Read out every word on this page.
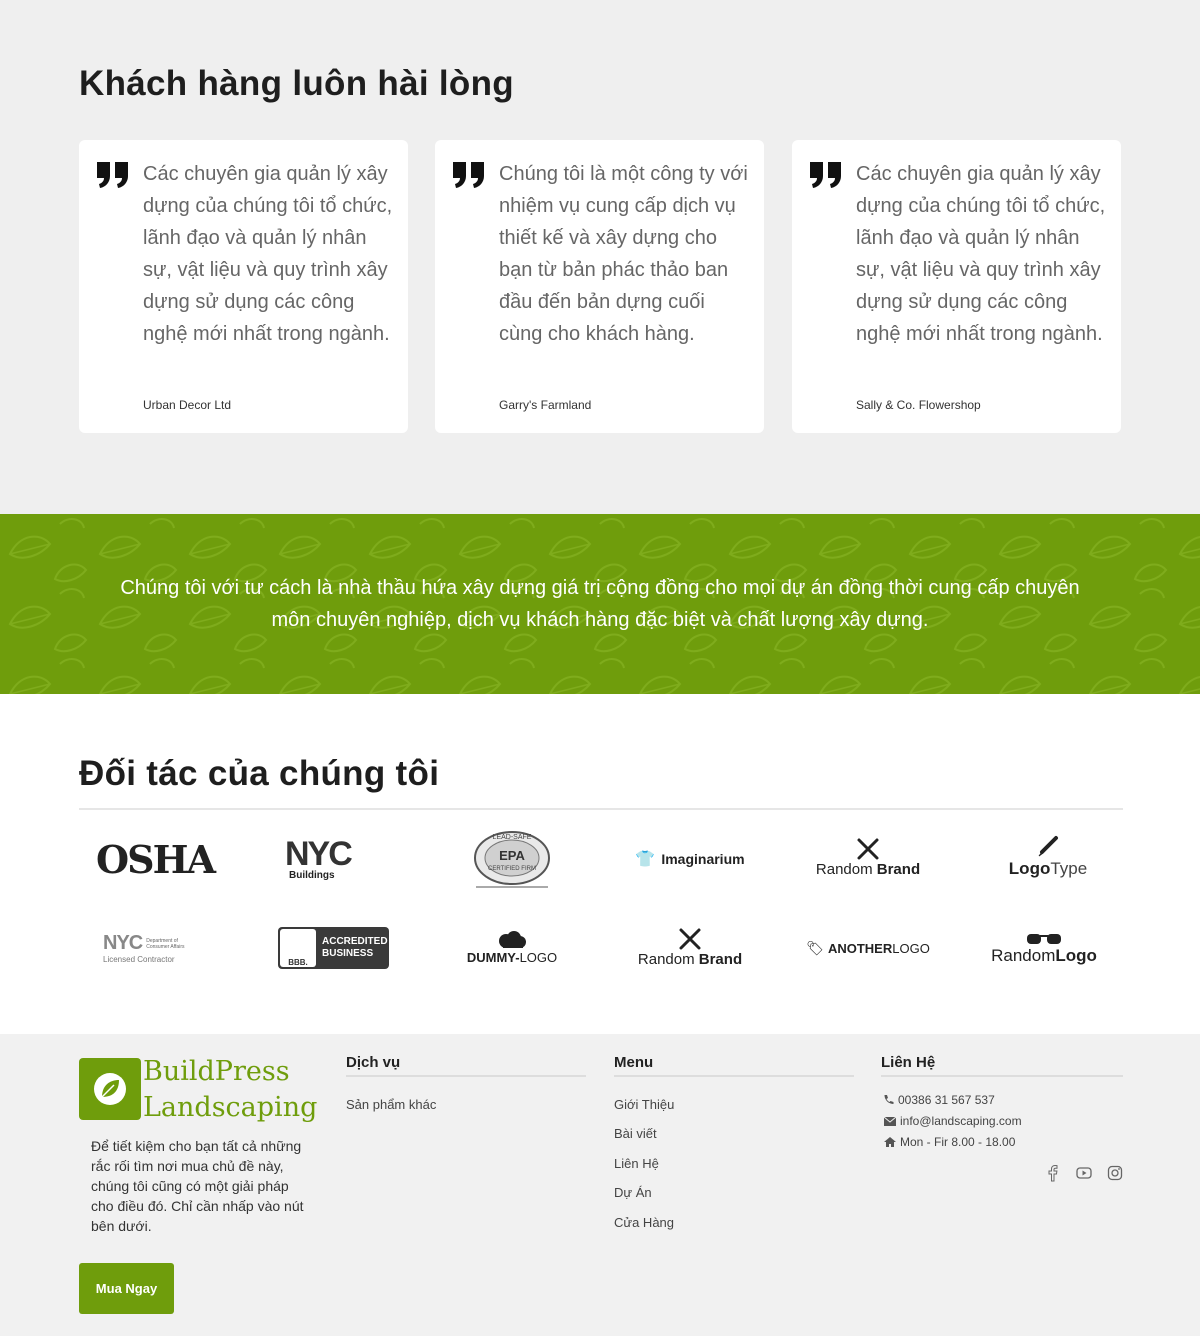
Khách hàng luôn hài lòng

Các chuyên gia quản lý xây dựng của chúng tôi tổ chức, lãnh đạo và quản lý nhân sự, vật liệu và quy trình xây dựng sử dụng các công nghệ mới nhất trong ngành.

Urban Decor Ltd

Chúng tôi là một công ty với nhiệm vụ cung cấp dịch vụ thiết kế và xây dựng cho bạn từ bản phác thảo ban đầu đến bản dựng cuối cùng cho khách hàng.

Garry's Farmland

Các chuyên gia quản lý xây dựng của chúng tôi tổ chức, lãnh đạo và quản lý nhân sự, vật liệu và quy trình xây dựng sử dụng các công nghệ mới nhất trong ngành.

Sally & Co. Flowershop

Chúng tôi với tư cách là nhà thầu hứa xây dựng giá trị cộng đồng cho mọi dự án đồng thời cung cấp chuyên môn chuyên nghiệp, dịch vụ khách hàng đặc biệt và chất lượng xây dựng.

Đối tác của chúng tôi
OSHA NYC
Buildings
LEAD-SAFE
EPA
CERTIFIED FIRM
👕 Imaginarium
Random Brand	LogoType
NYC Department of Consumer Affairs
Licensed Contractor	BBB.
ACCREDITED
BUSINESS	DUMMY-LOGO	Random Brand
🏷 ANOTHERLOGO	RandomLogo
BuildPress
Landscaping

Để tiết kiệm cho bạn tất cả những rắc rối tìm nơi mua chủ đề này, chúng tôi cũng có một giải pháp cho điều đó. Chỉ cần nhấp vào nút bên dưới.

Mua Ngay
Dịch vụ
Sản phẩm khác
Menu
Giới Thiệu
Bài viết
Liên Hệ
Dự Án
Cửa Hàng
Liên Hệ
00386 31 567 537
info@landscaping.com
Mon - Fir 8.00 - 18.00
